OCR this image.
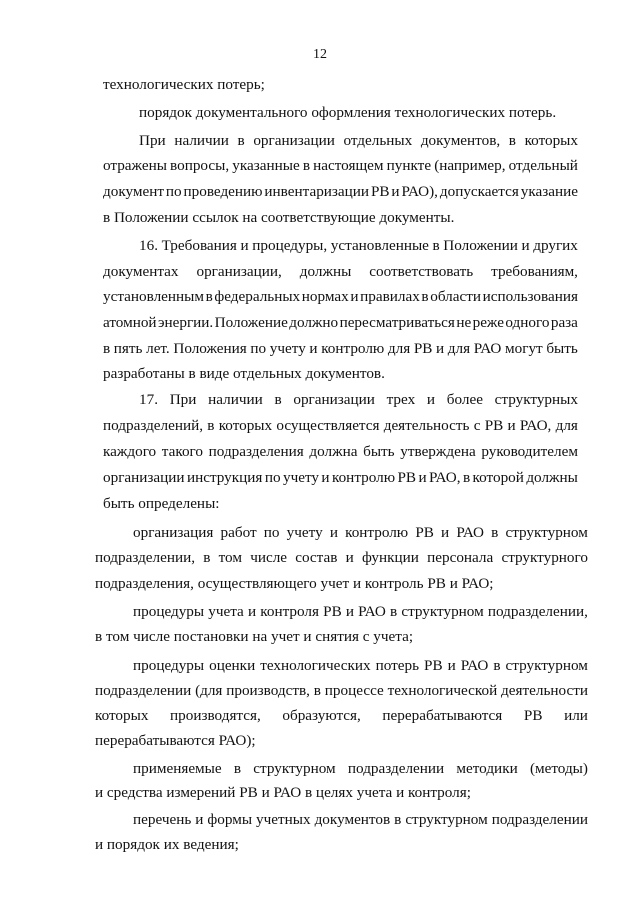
12
технологических потерь;
порядок документального оформления технологических потерь.
При наличии в организации отдельных документов, в которых
отражены вопросы, указанные в настоящем пункте (например, отдельный
документ по проведению инвентаризации РВ и РАО), допускается указание
в Положении ссылок на соответствующие документы.
16. Требования и процедуры, установленные в Положении и других
документах организации, должны соответствовать требованиям,
установленным в федеральных нормах и правилах в области использования
атомной энергии. Положение должно пересматриваться не реже одного раза
в пять лет. Положения по учету и контролю для РВ и для РАО могут быть
разработаны в виде отдельных документов.
17. При наличии в организации трех и более структурных
подразделений, в которых осуществляется деятельность с РВ и РАО, для
каждого такого подразделения должна быть утверждена руководителем
организации инструкция по учету и контролю РВ и РАО, в которой должны
быть определены:
организация работ по учету и контролю РВ и РАО в структурном
подразделении, в том числе состав и функции персонала структурного
подразделения, осуществляющего учет и контроль РВ и РАО;
процедуры учета и контроля РВ и РАО в структурном подразделении,
в том числе постановки на учет и снятия с учета;
процедуры оценки технологических потерь РВ и РАО в структурном
подразделении (для производств, в процессе технологической деятельности
которых производятся, образуются, перерабатываются РВ или
перерабатываются РАО);
применяемые в структурном подразделении методики (методы)
и средства измерений РВ и РАО в целях учета и контроля;
перечень и формы учетных документов в структурном подразделении
и порядок их ведения;
